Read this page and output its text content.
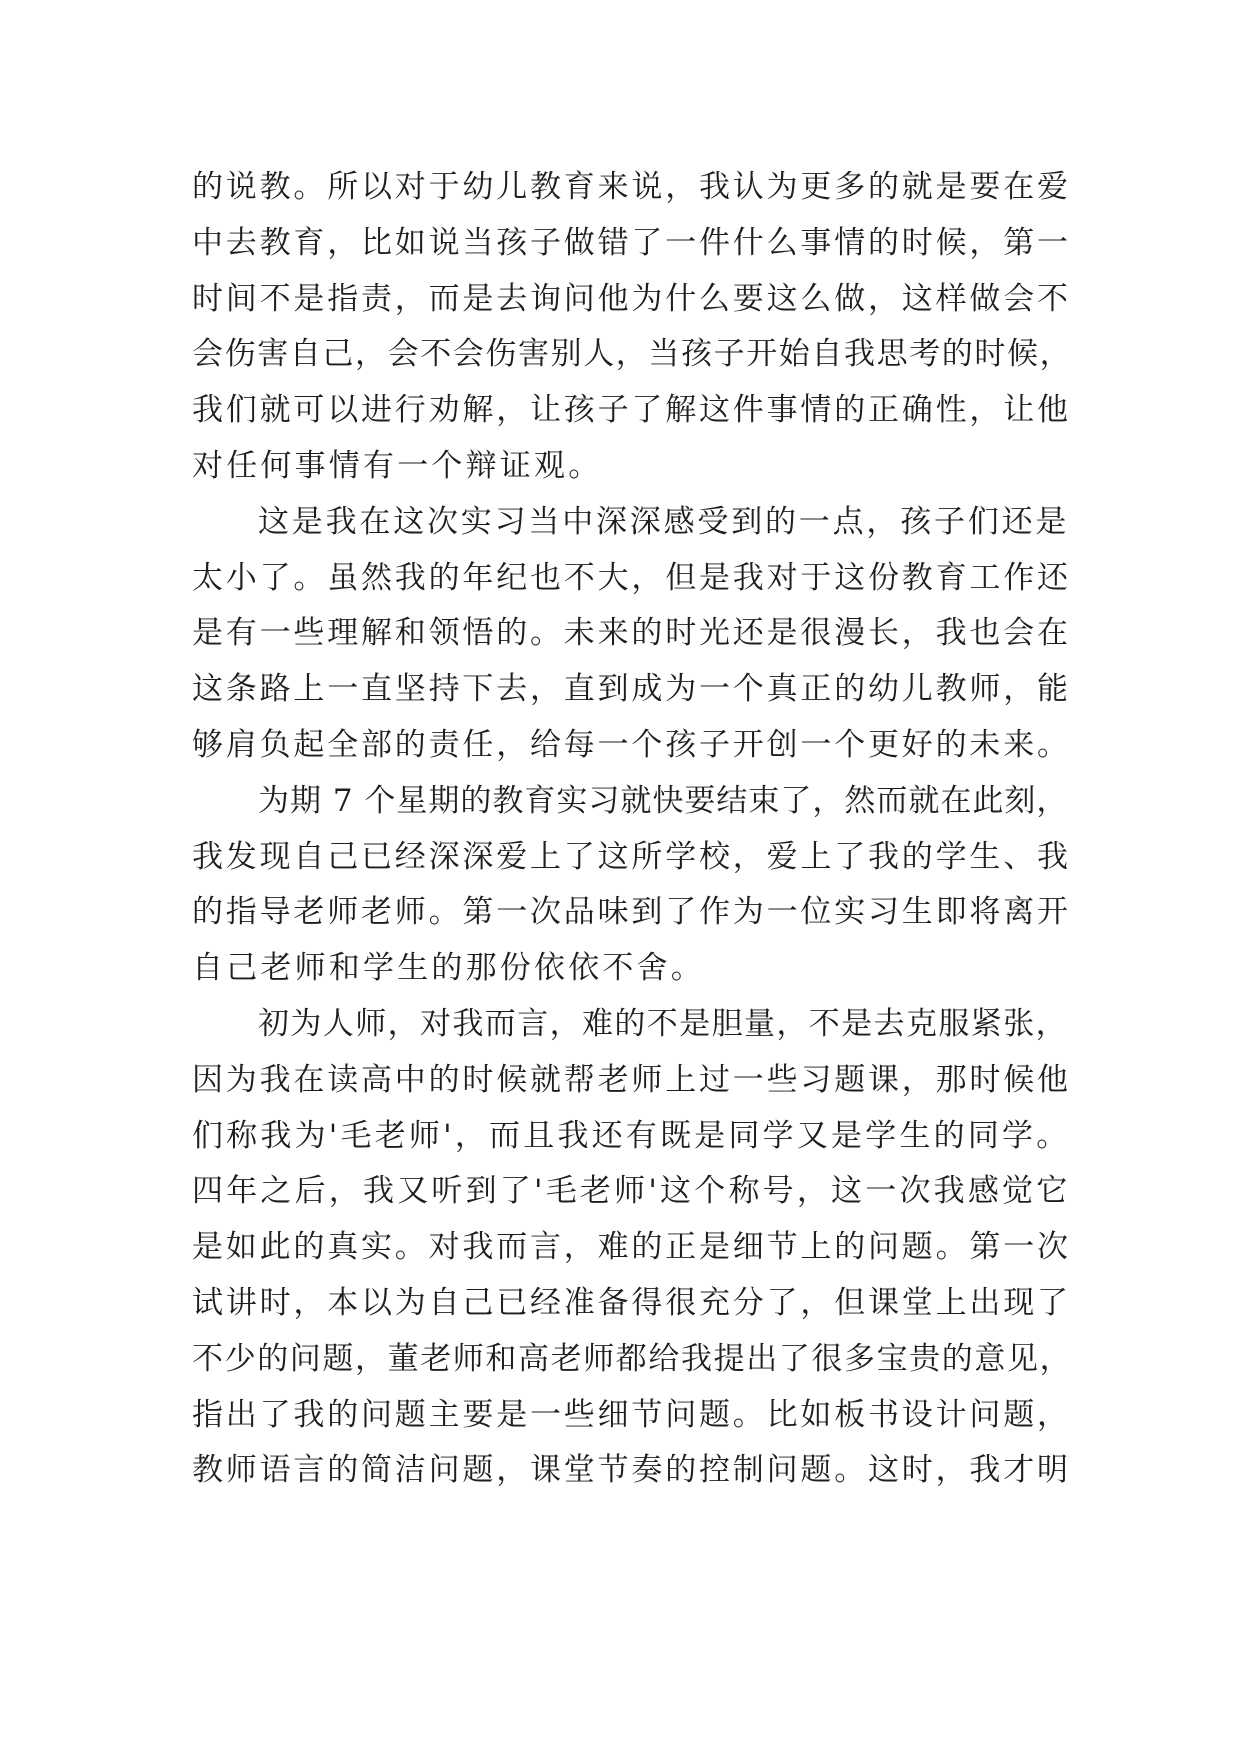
的说教。所以对于幼儿教育来说，我认为更多的就是要在爱
中去教育，比如说当孩子做错了一件什么事情的时候，第一
时间不是指责，而是去询问他为什么要这么做，这样做会不
会伤害自己，会不会伤害别人，当孩子开始自我思考的时候，
我们就可以进行劝解，让孩子了解这件事情的正确性，让他
对任何事情有一个辩证观。
这是我在这次实习当中深深感受到的一点，孩子们还是
太小了。虽然我的年纪也不大，但是我对于这份教育工作还
是有一些理解和领悟的。未来的时光还是很漫长，我也会在
这条路上一直坚持下去，直到成为一个真正的幼儿教师，能
够肩负起全部的责任，给每一个孩子开创一个更好的未来。
为期 7 个星期的教育实习就快要结束了，然而就在此刻，
我发现自己已经深深爱上了这所学校，爱上了我的学生、我
的指导老师老师。第一次品味到了作为一位实习生即将离开
自己老师和学生的那份依依不舍。
初为人师，对我而言，难的不是胆量，不是去克服紧张，
因为我在读高中的时候就帮老师上过一些习题课，那时候他
们称我为'毛老师'，而且我还有既是同学又是学生的同学。
四年之后，我又听到了'毛老师'这个称号，这一次我感觉它
是如此的真实。对我而言，难的正是细节上的问题。第一次
试讲时，本以为自己已经准备得很充分了，但课堂上出现了
不少的问题，董老师和高老师都给我提出了很多宝贵的意见，
指出了我的问题主要是一些细节问题。比如板书设计问题，
教师语言的简洁问题，课堂节奏的控制问题。这时，我才明
